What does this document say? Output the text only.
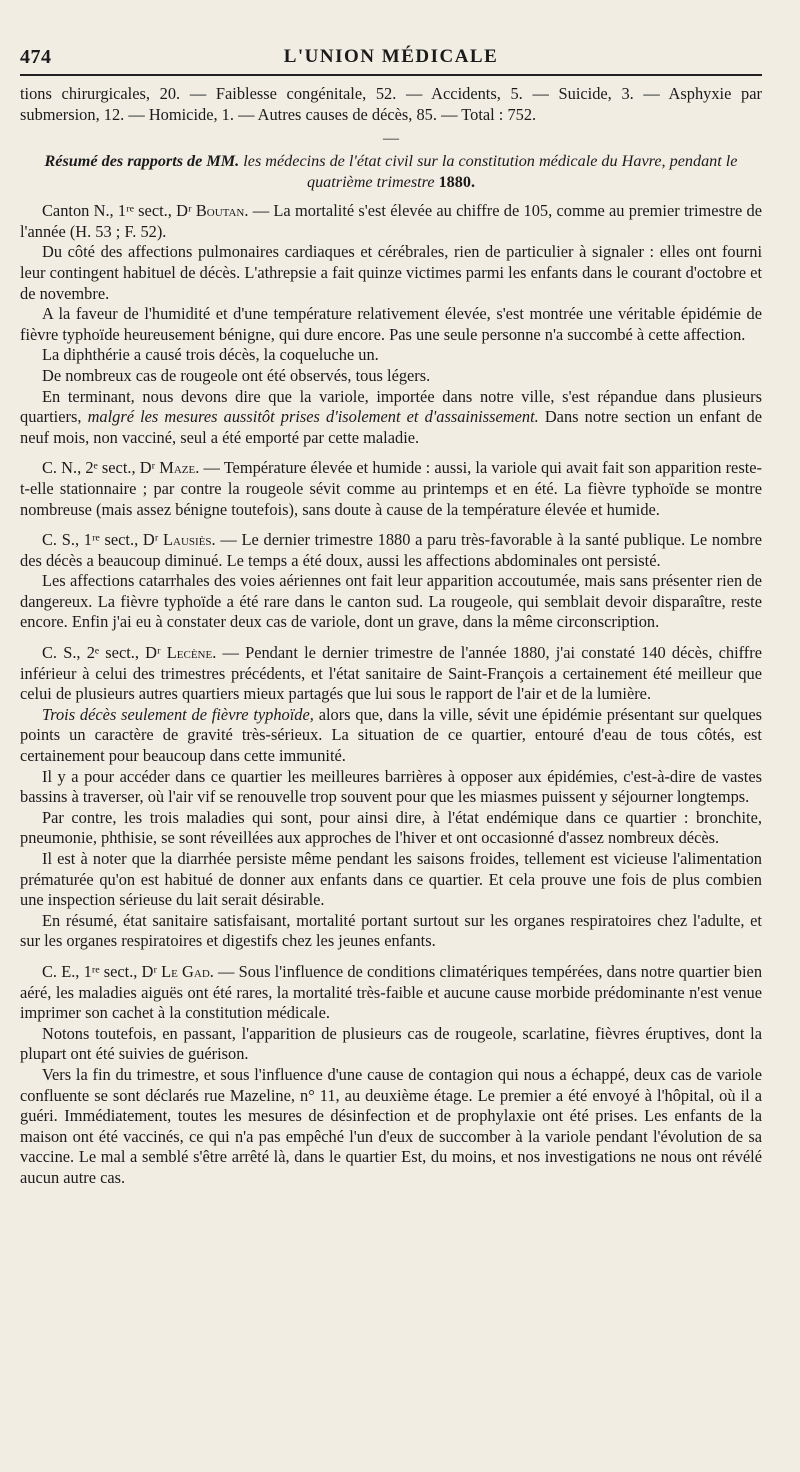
474	L'UNION MÉDICALE

tions chirurgicales, 20. — Faiblesse congénitale, 52. — Accidents, 5. — Suicide, 3. — Asphyxie par submersion, 12. — Homicide, 1. — Autres causes de décès, 85. — Total : 752.

—
Résumé des rapports de MM. les médecins de l'état civil sur la constitution médicale du Havre, pendant le quatrième trimestre 1880.

Canton N., 1ʳᵉ sect., Dʳ Boutan. — La mortalité s'est élevée au chiffre de 105, comme au premier trimestre de l'année (H. 53 ; F. 52).

Du côté des affections pulmonaires cardiaques et cérébrales, rien de particulier à signaler : elles ont fourni leur contingent habituel de décès. L'athrepsie a fait quinze victimes parmi les enfants dans le courant d'octobre et de novembre.

A la faveur de l'humidité et d'une température relativement élevée, s'est montrée une véritable épidémie de fièvre typhoïde heureusement bénigne, qui dure encore. Pas une seule personne n'a succombé à cette affection.

La diphthérie a causé trois décès, la coqueluche un.

De nombreux cas de rougeole ont été observés, tous légers.

En terminant, nous devons dire que la variole, importée dans notre ville, s'est répandue dans plusieurs quartiers, malgré les mesures aussitôt prises d'isolement et d'assainissement. Dans notre section un enfant de neuf mois, non vacciné, seul a été emporté par cette maladie.

C. N., 2ᵉ sect., Dʳ Maze. — Température élevée et humide : aussi, la variole qui avait fait son apparition reste-t-elle stationnaire ; par contre la rougeole sévit comme au printemps et en été. La fièvre typhoïde se montre nombreuse (mais assez bénigne toutefois), sans doute à cause de la température élevée et humide.

C. S., 1ʳᵉ sect., Dʳ Lausiès. — Le dernier trimestre 1880 a paru très-favorable à la santé publique. Le nombre des décès a beaucoup diminué. Le temps a été doux, aussi les affections abdominales ont persisté.

Les affections catarrhales des voies aériennes ont fait leur apparition accoutumée, mais sans présenter rien de dangereux. La fièvre typhoïde a été rare dans le canton sud. La rougeole, qui semblait devoir disparaître, reste encore. Enfin j'ai eu à constater deux cas de variole, dont un grave, dans la même circonscription.

C. S., 2ᵉ sect., Dʳ Lecène. — Pendant le dernier trimestre de l'année 1880, j'ai constaté 140 décès, chiffre inférieur à celui des trimestres précédents, et l'état sanitaire de Saint-François a certainement été meilleur que celui de plusieurs autres quartiers mieux partagés que lui sous le rapport de l'air et de la lumière.

Trois décès seulement de fièvre typhoïde, alors que, dans la ville, sévit une épidémie présentant sur quelques points un caractère de gravité très-sérieux. La situation de ce quartier, entouré d'eau de tous côtés, est certainement pour beaucoup dans cette immunité.

Il y a pour accéder dans ce quartier les meilleures barrières à opposer aux épidémies, c'est-à-dire de vastes bassins à traverser, où l'air vif se renouvelle trop souvent pour que les miasmes puissent y séjourner longtemps.

Par contre, les trois maladies qui sont, pour ainsi dire, à l'état endémique dans ce quartier : bronchite, pneumonie, phthisie, se sont réveillées aux approches de l'hiver et ont occasionné d'assez nombreux décès.

Il est à noter que la diarrhée persiste même pendant les saisons froides, tellement est vicieuse l'alimentation prématurée qu'on est habitué de donner aux enfants dans ce quartier. Et cela prouve une fois de plus combien une inspection sérieuse du lait serait désirable.

En résumé, état sanitaire satisfaisant, mortalité portant surtout sur les organes respiratoires chez l'adulte, et sur les organes respiratoires et digestifs chez les jeunes enfants.

C. E., 1ʳᵉ sect., Dʳ Le Gad. — Sous l'influence de conditions climatériques tempérées, dans notre quartier bien aéré, les maladies aiguës ont été rares, la mortalité très-faible et aucune cause morbide prédominante n'est venue imprimer son cachet à la constitution médicale.

Notons toutefois, en passant, l'apparition de plusieurs cas de rougeole, scarlatine, fièvres éruptives, dont la plupart ont été suivies de guérison.

Vers la fin du trimestre, et sous l'influence d'une cause de contagion qui nous a échappé, deux cas de variole confluente se sont déclarés rue Mazeline, n° 11, au deuxième étage. Le premier a été envoyé à l'hôpital, où il a guéri. Immédiatement, toutes les mesures de désinfection et de prophylaxie ont été prises. Les enfants de la maison ont été vaccinés, ce qui n'a pas empêché l'un d'eux de succomber à la variole pendant l'évolution de sa vaccine. Le mal a semblé s'être arrêté là, dans le quartier Est, du moins, et nos investigations ne nous ont révélé aucun autre cas.
